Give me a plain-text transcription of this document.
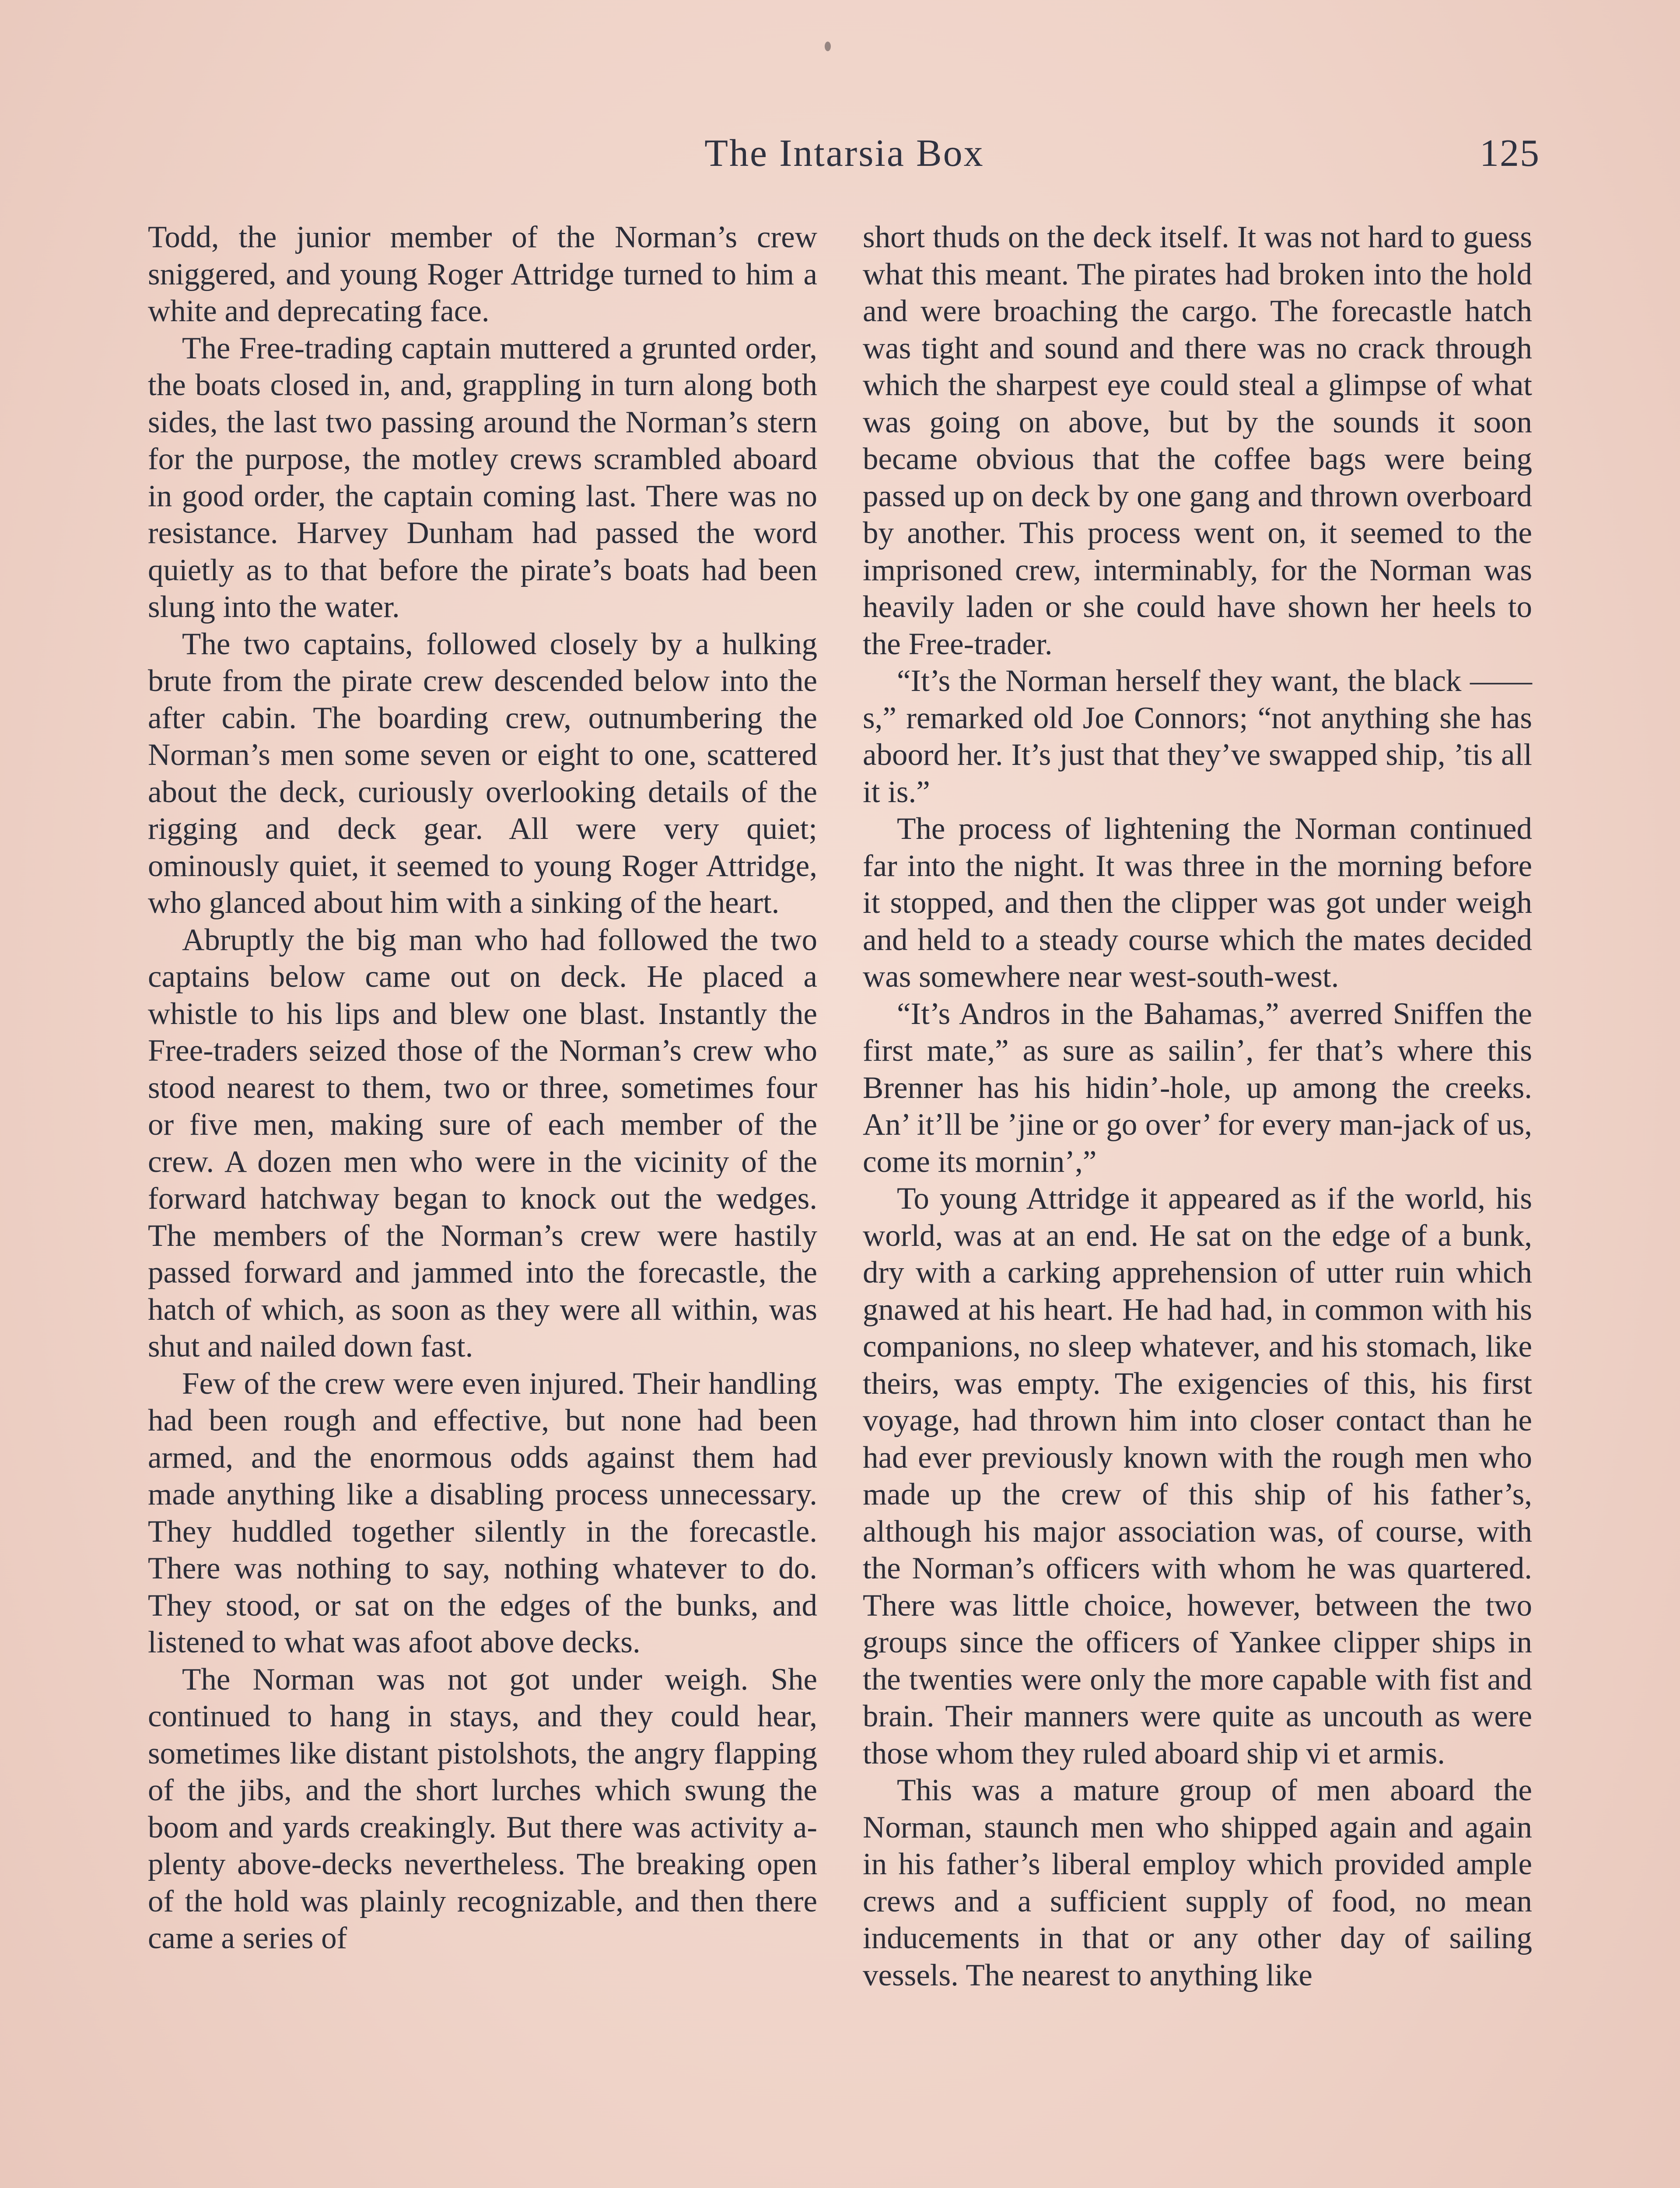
The Intarsia Box	125

Todd, the junior member of the Norman’s crew sniggered, and young Roger Attridge turned to him a white and deprecating face.

The Free-trading captain muttered a grunted order, the boats closed in, and, grappling in turn along both sides, the last two passing around the Norman’s stern for the purpose, the motley crews scrambled aboard in good order, the captain coming last. There was no resistance. Harvey Dunham had passed the word quietly as to that before the pirate’s boats had been slung into the water.

The two captains, followed closely by a hulking brute from the pirate crew descended below into the after cabin. The boarding crew, outnumbering the Norman’s men some seven or eight to one, scattered about the deck, curiously overlooking details of the rigging and deck gear. All were very quiet; ominously quiet, it seemed to young Roger Attridge, who glanced about him with a sinking of the heart.

Abruptly the big man who had followed the two captains below came out on deck. He placed a whistle to his lips and blew one blast. Instantly the Free-traders seized those of the Norman’s crew who stood nearest to them, two or three, sometimes four or five men, making sure of each member of the crew. A dozen men who were in the vicinity of the forward hatchway began to knock out the wedges. The members of the Norman’s crew were hastily passed forward and jammed into the forecastle, the hatch of which, as soon as they were all within, was shut and nailed down fast.

Few of the crew were even injured. Their handling had been rough and effective, but none had been armed, and the enormous odds against them had made anything like a disabling process unnecessary. They huddled together silently in the forecastle. There was nothing to say, nothing whatever to do. They stood, or sat on the edges of the bunks, and listened to what was afoot above decks.

The Norman was not got under weigh. She continued to hang in stays, and they could hear, sometimes like distant pistolshots, the angry flapping of the jibs, and the short lurches which swung the boom and yards creakingly. But there was activity a-plenty above-decks nevertheless. The breaking open of the hold was plainly recognizable, and then there came a series of

short thuds on the deck itself. It was not hard to guess what this meant. The pirates had broken into the hold and were broaching the cargo. The forecastle hatch was tight and sound and there was no crack through which the sharpest eye could steal a glimpse of what was going on above, but by the sounds it soon became obvious that the coffee bags were being passed up on deck by one gang and thrown overboard by another. This process went on, it seemed to the imprisoned crew, interminably, for the Norman was heavily laden or she could have shown her heels to the Free-trader.

“It’s the Norman herself they want, the black ——s,” remarked old Joe Connors; “not anything she has aboord her. It’s just that they’ve swapped ship, ’tis all it is.”

The process of lightening the Norman continued far into the night. It was three in the morning before it stopped, and then the clipper was got under weigh and held to a steady course which the mates decided was somewhere near west-south-west.

“It’s Andros in the Bahamas,” averred Sniffen the first mate,” as sure as sailin’, fer that’s where this Brenner has his hidin’-hole, up among the creeks. An’ it’ll be ’jine or go over’ for every man-jack of us, come its mornin’,”

To young Attridge it appeared as if the world, his world, was at an end. He sat on the edge of a bunk, dry with a carking apprehension of utter ruin which gnawed at his heart. He had had, in common with his companions, no sleep whatever, and his stomach, like theirs, was empty. The exigencies of this, his first voyage, had thrown him into closer contact than he had ever previously known with the rough men who made up the crew of this ship of his father’s, although his major association was, of course, with the Norman’s officers with whom he was quartered. There was little choice, however, between the two groups since the officers of Yankee clipper ships in the twenties were only the more capable with fist and brain. Their manners were quite as uncouth as were those whom they ruled aboard ship vi et armis.

This was a mature group of men aboard the Norman, staunch men who shipped again and again in his father’s liberal employ which provided ample crews and a sufficient supply of food, no mean inducements in that or any other day of sailing vessels. The nearest to anything like
